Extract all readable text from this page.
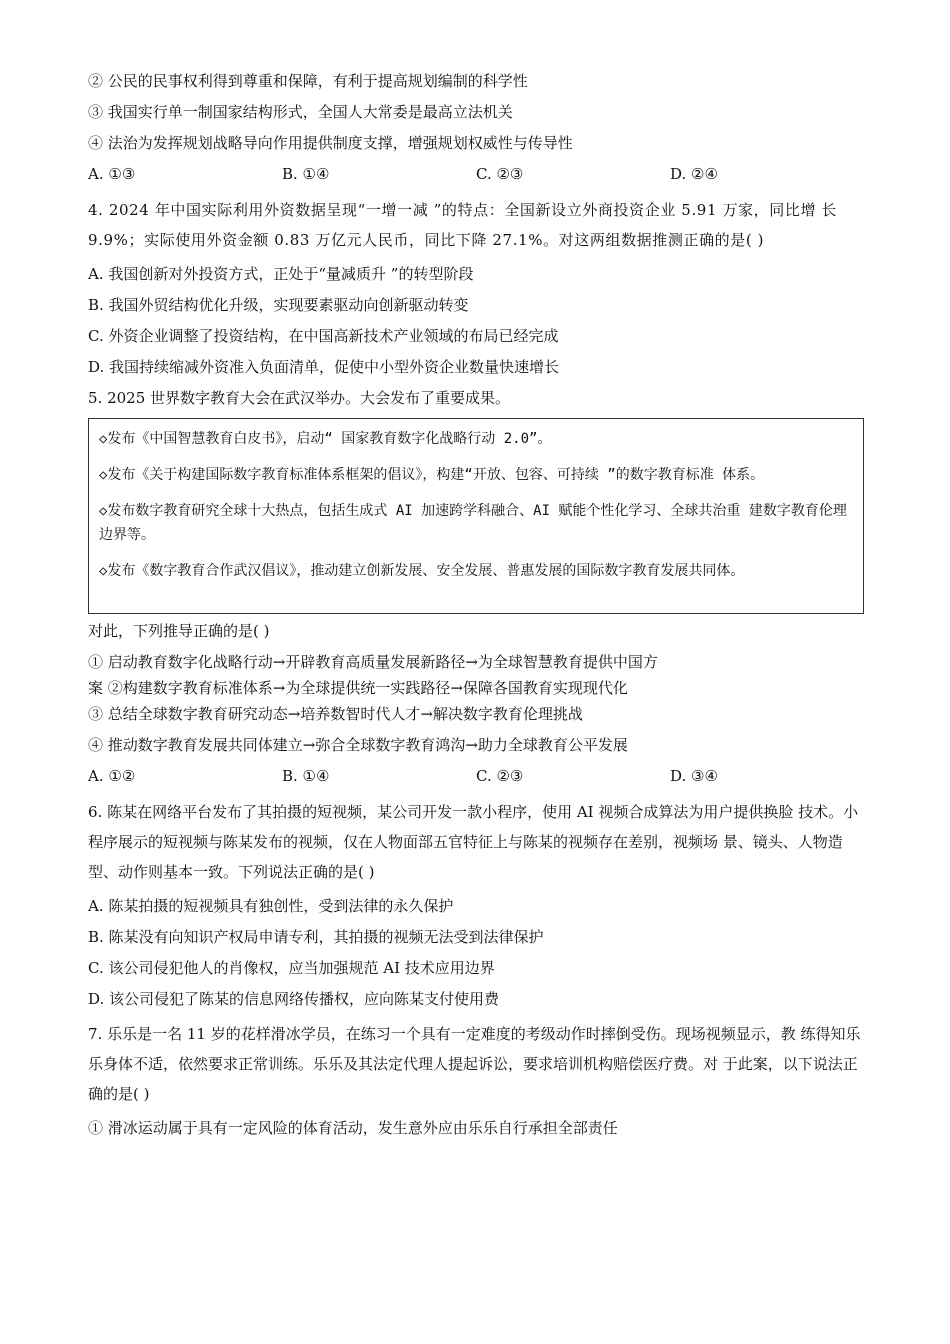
② 公民的民事权利得到尊重和保障，有利于提高规划编制的科学性

③ 我国实行单一制国家结构形式，全国人大常委是最高立法机关

④ 法治为发挥规划战略导向作用提供制度支撑，增强规划权威性与传导性

A. ①③	B. ①④	C. ②③	D. ②④

4. 2024 年中国实际利用外资数据呈现“一增一减 ”的特点：全国新设立外商投资企业 5.91 万家，同比增 长 9.9%；实际使用外资金额 0.83 万亿元人民币，同比下降 27.1%。对这两组数据推测正确的是( )

A. 我国创新对外投资方式，正处于“量减质升 ”的转型阶段

B. 我国外贸结构优化升级，实现要素驱动向创新驱动转变

C. 外资企业调整了投资结构，在中国高新技术产业领域的布局已经完成

D. 我国持续缩减外资准入负面清单，促使中小型外资企业数量快速增长

5. 2025 世界数字教育大会在武汉举办。大会发布了重要成果。

◇发布《中国智慧教育白皮书》，启动“ 国家教育数字化战略行动 2.0”。

◇发布《关于构建国际数字教育标准体系框架的倡议》，构建“开放、包容、可持续 ”的数字教育标准 体系。

◇发布数字教育研究全球十大热点，包括生成式 AI 加速跨学科融合、AI 赋能个性化学习、全球共治重 建数字教育伦理边界等。

◇发布《数字教育合作武汉倡议》，推动建立创新发展、安全发展、普惠发展的国际数字教育发展共同体。

对此，下列推导正确的是( )

① 启动教育数字化战略行动→开辟教育高质量发展新路径→为全球智慧教育提供中国方

案 ②构建数字教育标准体系→为全球提供统一实践路径→保障各国教育实现现代化

③ 总结全球数字教育研究动态→培养数智时代人才→解决数字教育伦理挑战

④ 推动数字教育发展共同体建立→弥合全球数字教育鸿沟→助力全球教育公平发展

A. ①②	B. ①④	C. ②③	D. ③④

6. 陈某在网络平台发布了其拍摄的短视频，某公司开发一款小程序，使用 AI 视频合成算法为用户提供换脸 技术。小程序展示的短视频与陈某发布的视频，仅在人物面部五官特征上与陈某的视频存在差别，视频场 景、镜头、人物造型、动作则基本一致。下列说法正确的是( )

A. 陈某拍摄的短视频具有独创性，受到法律的永久保护

B. 陈某没有向知识产权局申请专利，其拍摄的视频无法受到法律保护

C. 该公司侵犯他人的肖像权，应当加强规范 AI 技术应用边界

D. 该公司侵犯了陈某的信息网络传播权，应向陈某支付使用费

7. 乐乐是一名 11 岁的花样滑冰学员，在练习一个具有一定难度的考级动作时摔倒受伤。现场视频显示，教 练得知乐乐身体不适，依然要求正常训练。乐乐及其法定代理人提起诉讼，要求培训机构赔偿医疗费。对 于此案，以下说法正确的是( )

① 滑冰运动属于具有一定风险的体育活动，发生意外应由乐乐自行承担全部责任
